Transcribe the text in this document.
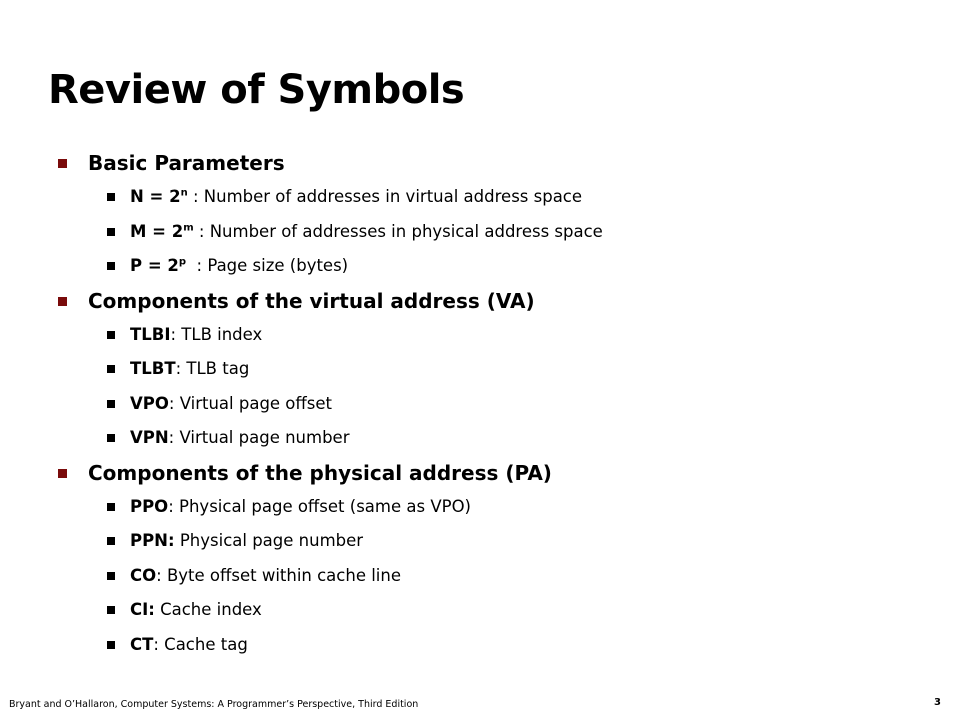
Review of Symbols
Basic Parameters
$N = 2^n$ : Number of addresses in virtual address space
$M = 2^m$ : Number of addresses in physical address space
$P = 2^p$  : Page size (bytes)
Components of the virtual address (VA)
TLBI: TLB index
TLBT: TLB tag
VPO: Virtual page offset
VPN: Virtual page number
Components of the physical address (PA)
PPO: Physical page offset (same as VPO)
PPN: Physical page number
CO: Byte offset within cache line
CI: Cache index
CT: Cache tag
Bryant and O’Hallaron, Computer Systems: A Programmer’s Perspective, Third Edition	3
